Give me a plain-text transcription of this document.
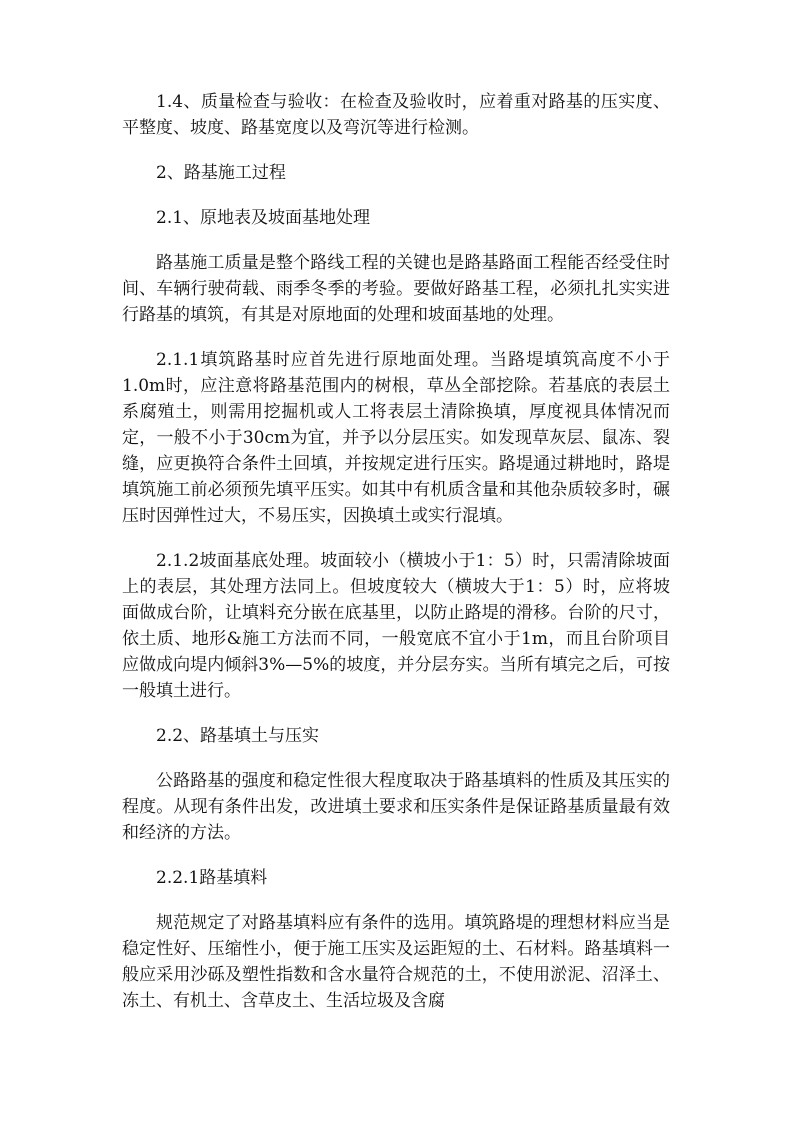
1.4、质量检查与验收：在检查及验收时，应着重对路基的压实度、平整度、坡度、路基宽度以及弯沉等进行检测。

2、路基施工过程

2.1、原地表及坡面基地处理

路基施工质量是整个路线工程的关键也是路基路面工程能否经受住时间、车辆行驶荷载、雨季冬季的考验。要做好路基工程，必须扎扎实实进行路基的填筑，有其是对原地面的处理和坡面基地的处理。

2.1.1填筑路基时应首先进行原地面处理。当路堤填筑高度不小于1.0m时，应注意将路基范围内的树根，草丛全部挖除。若基底的表层土系腐殖土，则需用挖掘机或人工将表层土清除换填，厚度视具体情况而定，一般不小于30cm为宜，并予以分层压实。如发现草灰层、鼠冻、裂缝，应更换符合条件土回填，并按规定进行压实。路堤通过耕地时，路堤填筑施工前必须预先填平压实。如其中有机质含量和其他杂质较多时，碾压时因弹性过大，不易压实，因换填土或实行混填。

2.1.2坡面基底处理。坡面较小（横坡小于1：5）时，只需清除坡面上的表层，其处理方法同上。但坡度较大（横坡大于1：5）时，应将坡面做成台阶，让填料充分嵌在底基里，以防止路堤的滑移。台阶的尺寸，依土质、地形&施工方法而不同，一般宽底不宜小于1m，而且台阶项目应做成向堤内倾斜3%—5%的坡度，并分层夯实。当所有填完之后，可按一般填土进行。

2.2、路基填土与压实

公路路基的强度和稳定性很大程度取决于路基填料的性质及其压实的程度。从现有条件出发，改进填土要求和压实条件是保证路基质量最有效和经济的方法。

2.2.1路基填料

规范规定了对路基填料应有条件的选用。填筑路堤的理想材料应当是稳定性好、压缩性小，便于施工压实及运距短的土、石材料。路基填料一般应采用沙砾及塑性指数和含水量符合规范的土，不使用淤泥、沼泽土、冻土、有机土、含草皮土、生活垃圾及含腐
